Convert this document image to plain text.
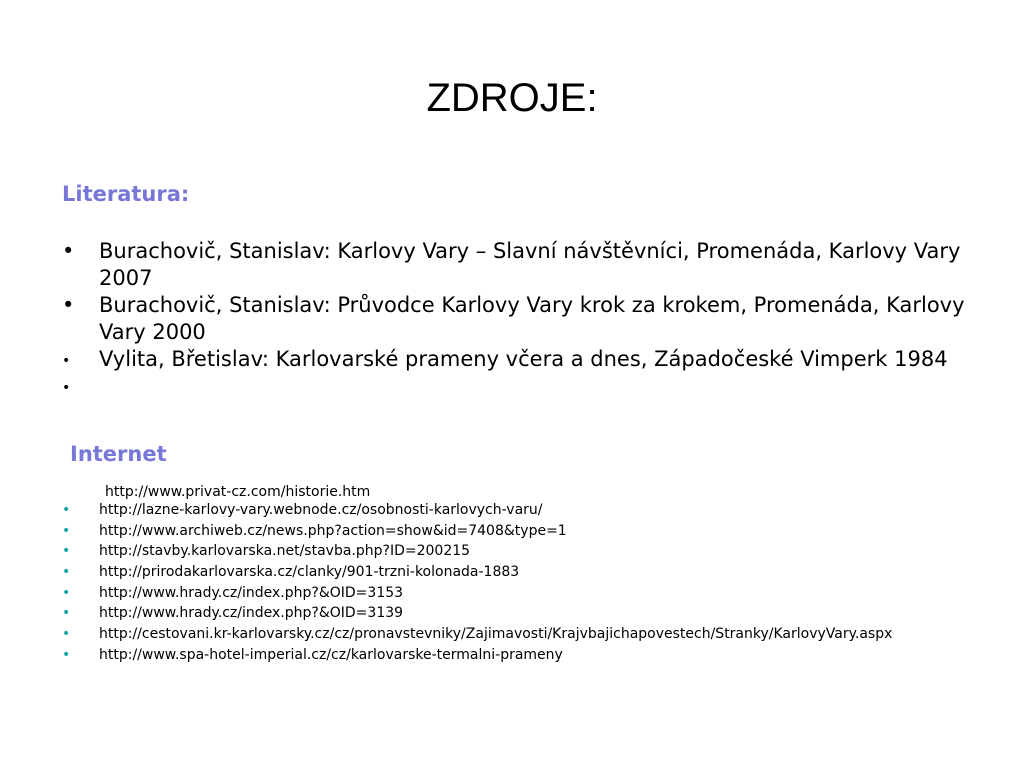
ZDROJE:
Literatura:
• Burachovič, Stanislav: Karlovy Vary – Slavní návštěvníci, Promenáda, Karlovy Vary 2007
• Burachovič, Stanislav: Průvodce Karlovy Vary krok za krokem, Promenáda, Karlovy Vary 2000
• Vylita, Břetislav: Karlovarské prameny včera a dnes, Západočeské Vimperk 1984
•
Internet
http://www.privat-cz.com/historie.htm
• http://lazne-karlovy-vary.webnode.cz/osobnosti-karlovych-varu/
• http://www.archiweb.cz/news.php?action=show&id=7408&type=1
• http://stavby.karlovarska.net/stavba.php?ID=200215
• http://prirodakarlovarska.cz/clanky/901-trzni-kolonada-1883
• http://www.hrady.cz/index.php?&OID=3153
• http://www.hrady.cz/index.php?&OID=3139
• http://cestovani.kr-karlovarsky.cz/cz/pronavstevniky/Zajimavosti/Krajvbajichapovestech/Stranky/KarlovyVary.aspx
• http://www.spa-hotel-imperial.cz/cz/karlovarske-termalni-prameny
